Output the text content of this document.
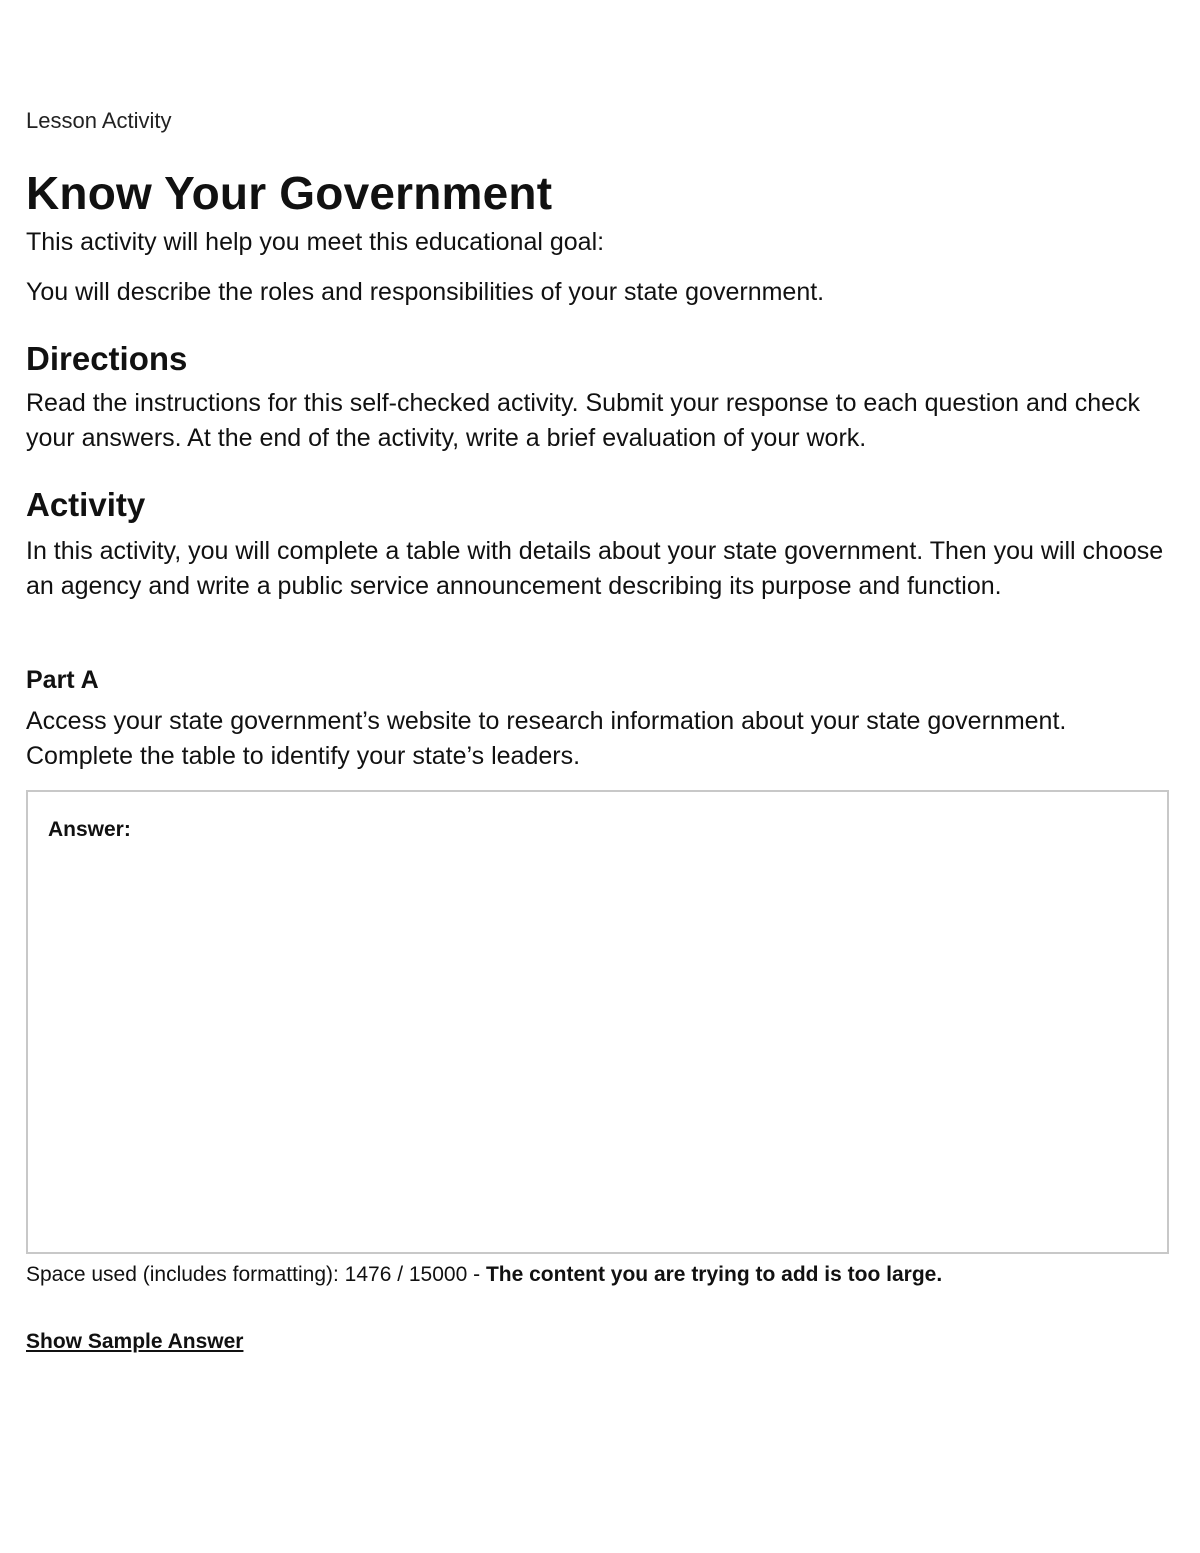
Lesson Activity

Know Your Government

This activity will help you meet this educational goal:

You will describe the roles and responsibilities of your state government.

Directions

Read the instructions for this self-checked activity. Submit your response to each question and check your answers. At the end of the activity, write a brief evaluation of your work.

Activity

In this activity, you will complete a table with details about your state government. Then you will choose an agency and write a public service announcement describing its purpose and function.

Part A

Access your state government’s website to research information about your state government. Complete the table to identify your state’s leaders.

Answer:

Space used (includes formatting): 1476 / 15000 - The content you are trying to add is too large.

Show Sample Answer
